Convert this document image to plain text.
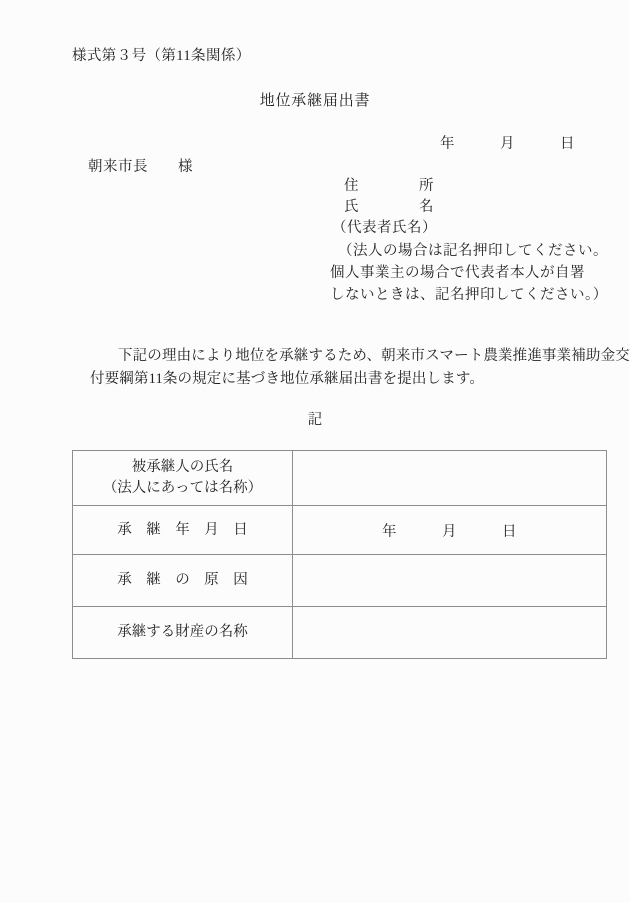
様式第３号（第11条関係）
地位承継届出書
年　　　月　　　日
朝来市長　　様
住　　　　所
氏　　　　名
（代表者氏名）
（法人の場合は記名押印してください。
個人事業主の場合で代表者本人が自署
しないときは、記名押印してください。）
下記の理由により地位を承継するため、朝来市スマート農業推進事業補助金交
付要綱第11条の規定に基づき地位承継届出書を提出します。
記
被承継人の氏名
（法人にあっては名称）	

承　継　年　月　日	年　　　月　　　日

承　継　の　原　因	

承継する財産の名称	
